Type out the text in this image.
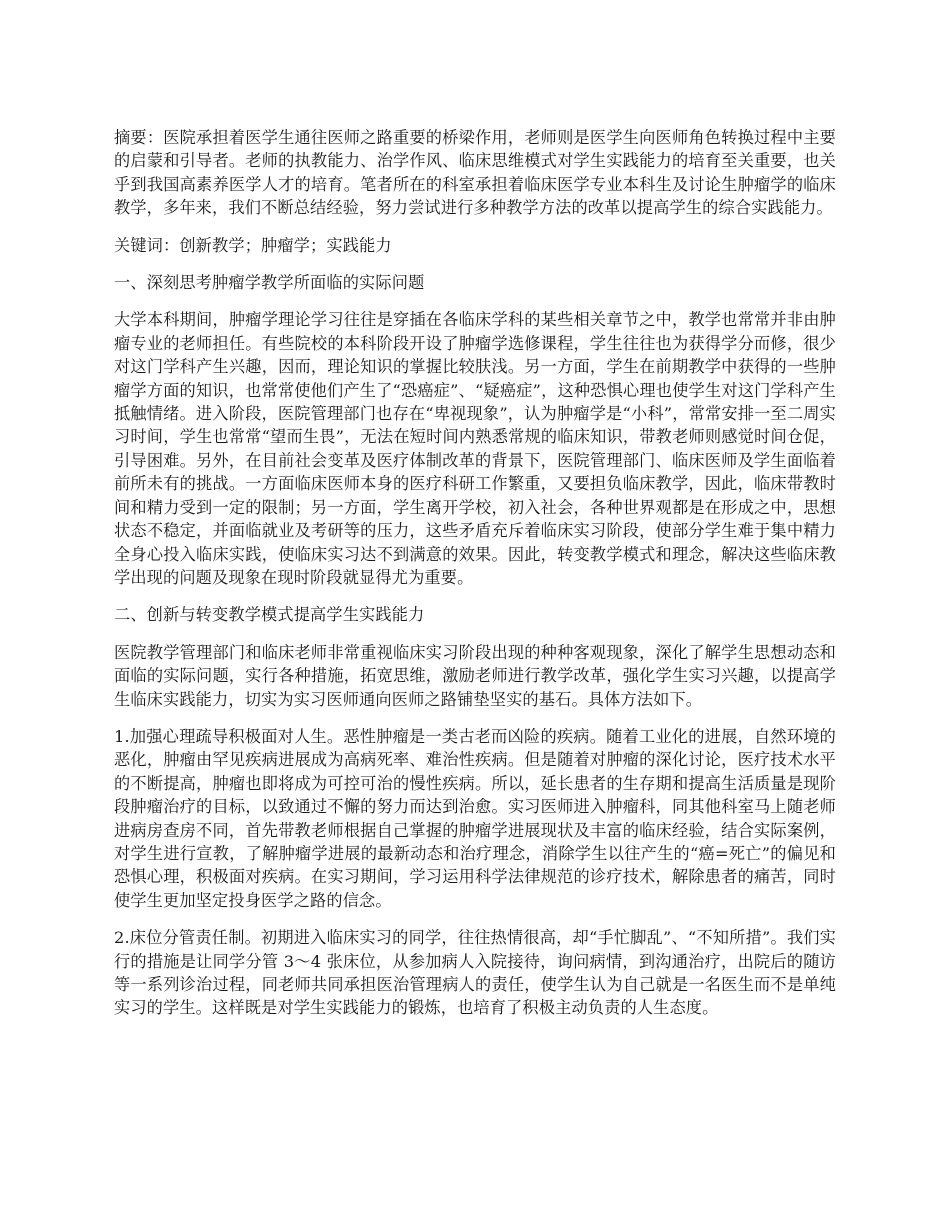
摘要：医院承担着医学生通往医师之路重要的桥梁作用，老师则是医学生向医师角色转换过程中主要的启蒙和引导者。老师的执教能力、治学作风、临床思维模式对学生实践能力的培育至关重要，也关乎到我国高素养医学人才的培育。笔者所在的科室承担着临床医学专业本科生及讨论生肿瘤学的临床教学，多年来，我们不断总结经验，努力尝试进行多种教学方法的改革以提高学生的综合实践能力。

关键词：创新教学；肿瘤学；实践能力

一、深刻思考肿瘤学教学所面临的实际问题

大学本科期间，肿瘤学理论学习往往是穿插在各临床学科的某些相关章节之中，教学也常常并非由肿瘤专业的老师担任。有些院校的本科阶段开设了肿瘤学选修课程，学生往往也为获得学分而修，很少对这门学科产生兴趣，因而，理论知识的掌握比较肤浅。另一方面，学生在前期教学中获得的一些肿瘤学方面的知识，也常常使他们产生了“恐癌症”、“疑癌症”，这种恐惧心理也使学生对这门学科产生抵触情绪。进入阶段，医院管理部门也存在“卑视现象”，认为肿瘤学是“小科”，常常安排一至二周实习时间，学生也常常“望而生畏”，无法在短时间内熟悉常规的临床知识，带教老师则感觉时间仓促，引导困难。另外，在目前社会变革及医疗体制改革的背景下，医院管理部门、临床医师及学生面临着前所未有的挑战。一方面临床医师本身的医疗科研工作繁重，又要担负临床教学，因此，临床带教时间和精力受到一定的限制；另一方面，学生离开学校，初入社会，各种世界观都是在形成之中，思想状态不稳定，并面临就业及考研等的压力，这些矛盾充斥着临床实习阶段，使部分学生难于集中精力全身心投入临床实践，使临床实习达不到满意的效果。因此，转变教学模式和理念，解决这些临床教学出现的问题及现象在现时阶段就显得尤为重要。

二、创新与转变教学模式提高学生实践能力

医院教学管理部门和临床老师非常重视临床实习阶段出现的种种客观现象，深化了解学生思想动态和面临的实际问题，实行各种措施，拓宽思维，激励老师进行教学改革，强化学生实习兴趣，以提高学生临床实践能力，切实为实习医师通向医师之路铺垫坚实的基石。具体方法如下。

1.加强心理疏导积极面对人生。恶性肿瘤是一类古老而凶险的疾病。随着工业化的进展，自然环境的恶化，肿瘤由罕见疾病进展成为高病死率、难治性疾病。但是随着对肿瘤的深化讨论，医疗技术水平的不断提高，肿瘤也即将成为可控可治的慢性疾病。所以，延长患者的生存期和提高生活质量是现阶段肿瘤治疗的目标，以致通过不懈的努力而达到治愈。实习医师进入肿瘤科，同其他科室马上随老师进病房查房不同，首先带教老师根据自己掌握的肿瘤学进展现状及丰富的临床经验，结合实际案例，对学生进行宣教，了解肿瘤学进展的最新动态和治疗理念，消除学生以往产生的“癌=死亡”的偏见和恐惧心理，积极面对疾病。在实习期间，学习运用科学法律规范的诊疗技术，解除患者的痛苦，同时使学生更加坚定投身医学之路的信念。

2.床位分管责任制。初期进入临床实习的同学，往往热情很高，却“手忙脚乱”、“不知所措”。我们实行的措施是让同学分管 3～4 张床位，从参加病人入院接待，询问病情，到沟通治疗，出院后的随访等一系列诊治过程，同老师共同承担医治管理病人的责任，使学生认为自己就是一名医生而不是单纯实习的学生。这样既是对学生实践能力的锻炼，也培育了积极主动负责的人生态度。
